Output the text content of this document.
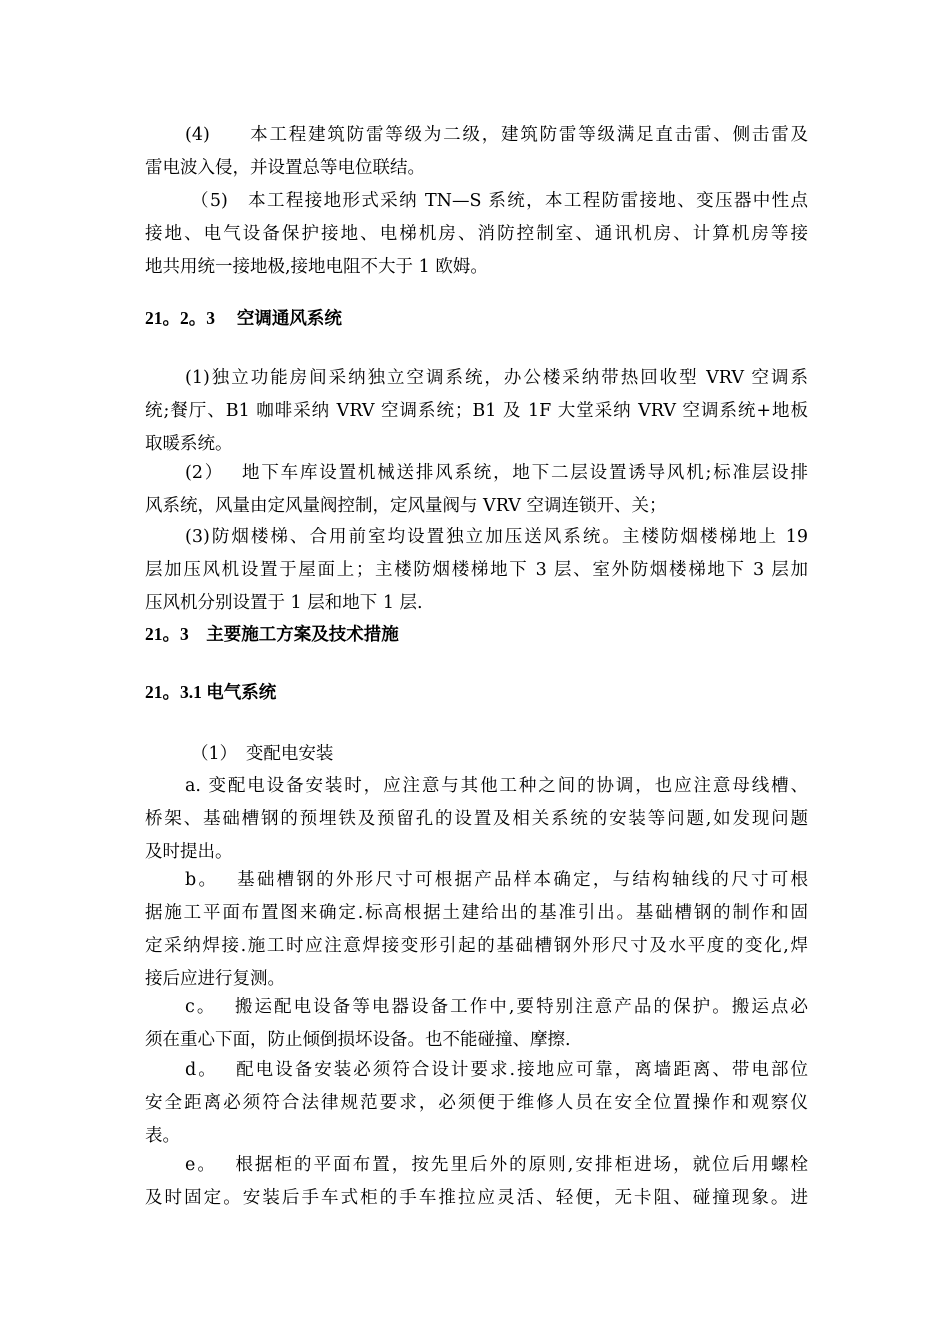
(4)　　本工程建筑防雷等级为二级，建筑防雷等级满足直击雷、侧击雷及
雷电波入侵，并设置总等电位联结。
（5)　本工程接地形式采纳 TN—S 系统，本工程防雷接地、变压器中性点
接地、电气设备保护接地、电梯机房、消防控制室、通讯机房、计算机房等接
地共用统一接地极,接地电阻不大于 1 欧姆。
21。2。3　 空调通风系统
(1)独立功能房间采纳独立空调系统，办公楼采纳带热回收型 VRV 空调系
统;餐厅、B1 咖啡采纳 VRV 空调系统；B1 及 1F 大堂采纳 VRV 空调系统+地板
取暖系统。
(2）　 地下车库设置机械送排风系统，地下二层设置诱导风机;标准层设排
风系统，风量由定风量阀控制，定风量阀与 VRV 空调连锁开、关；
(3)防烟楼梯、合用前室均设置独立加压送风系统。主楼防烟楼梯地上 19
层加压风机设置于屋面上；主楼防烟楼梯地下 3 层、室外防烟楼梯地下 3 层加
压风机分别设置于 1 层和地下 1 层.
21。3　主要施工方案及技术措施
21。3.1 电气系统
（1）　变配电安装
a. 变配电设备安装时，应注意与其他工种之间的协调，也应注意母线槽、
桥架、基础槽钢的预埋铁及预留孔的设置及相关系统的安装等问题,如发现问题
及时提出。
b。　 基础槽钢的外形尺寸可根据产品样本确定，与结构轴线的尺寸可根
据施工平面布置图来确定.标高根据土建给出的基准引出。基础槽钢的制作和固
定采纳焊接.施工时应注意焊接变形引起的基础槽钢外形尺寸及水平度的变化,焊
接后应进行复测。
c。　 搬运配电设备等电器设备工作中,要特别注意产品的保护。搬运点必
须在重心下面，防止倾倒损坏设备。也不能碰撞、摩擦.
d。　 配电设备安装必须符合设计要求.接地应可靠，离墙距离、带电部位
安全距离必须符合法律规范要求，必须便于维修人员在安全位置操作和观察仪
表。
e。　 根据柜的平面布置，按先里后外的原则,安排柜进场，就位后用螺栓
及时固定。安装后手车式柜的手车推拉应灵活、轻便，无卡阻、碰撞现象。进
